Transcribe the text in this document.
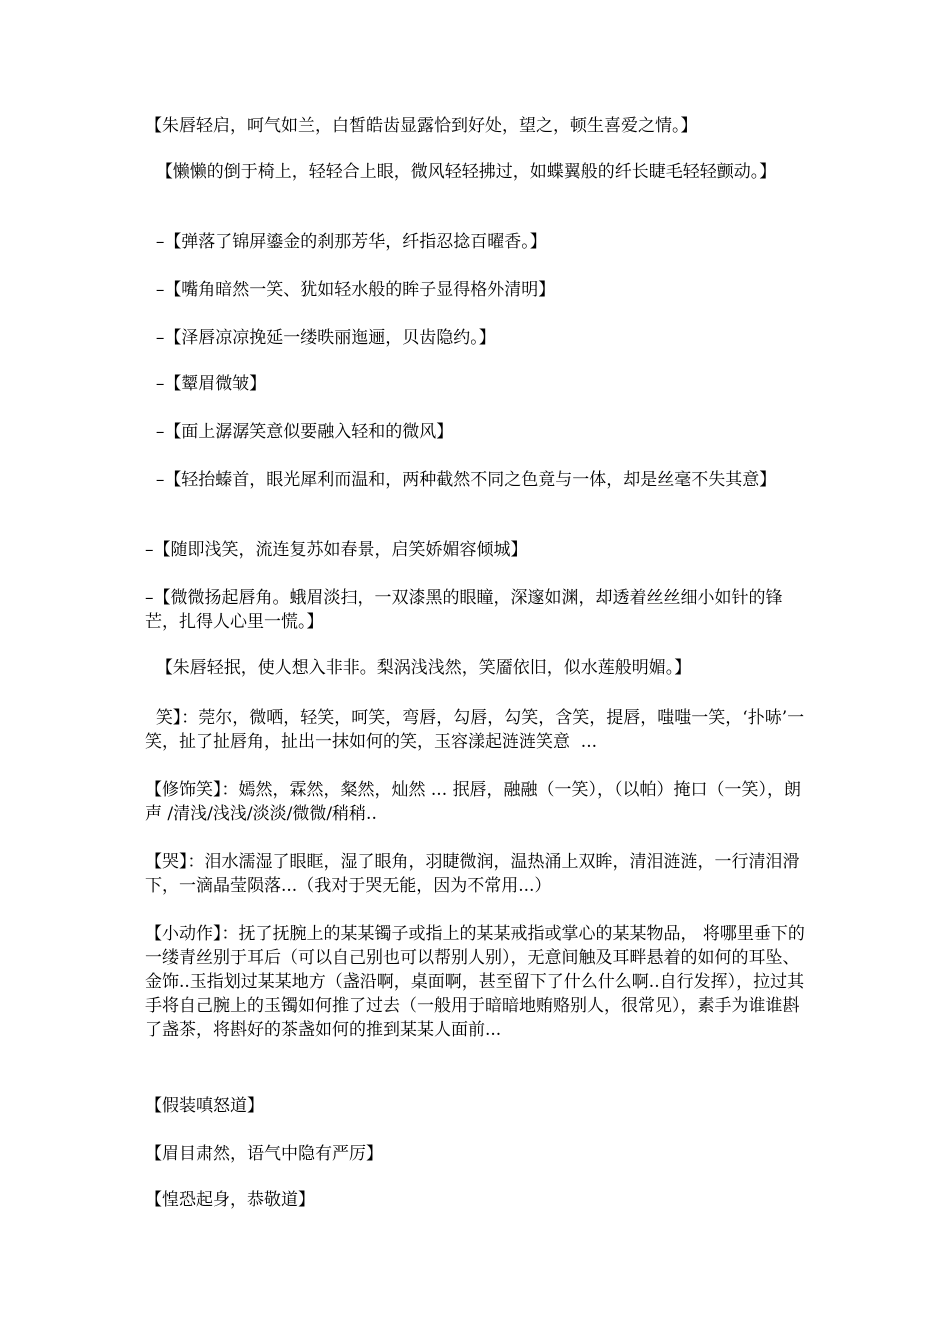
【朱唇轻启，呵气如兰，白皙皓齿显露恰到好处，望之，顿生喜爱之情。】

【懒懒的倒于椅上，轻轻合上眼，微风轻轻拂过，如蝶翼般的纤长睫毛轻轻颤动。】

–【弹落了锦屏鎏金的刹那芳华，纤指忍捻百曜香。】

–【嘴角暗然一笑、犹如轻水般的眸子显得格外清明】

–【泽唇凉凉挽延一缕昳丽迤逦，贝齿隐约。】

–【颦眉微皱】

–【面上潺潺笑意似要融入轻和的微风】

–【轻抬螓首，眼光犀利而温和，两种截然不同之色竟与一体，却是丝毫不失其意】

–【随即浅笑，流连复苏如春景，启笑娇媚容倾城】

–【微微扬起唇角。蛾眉淡扫，一双漆黑的眼瞳，深邃如渊，却透着丝丝细小如针的锋芒，扎得人心里一慌。】

【朱唇轻抿，使人想入非非。梨涡浅浅然，笑靥依旧，似水莲般明媚。】

笑】：莞尔，微哂，轻笑，呵笑，弯唇，勾唇，勾笑，含笑，提唇，嗤嗤一笑，‘扑哧’一笑，扯了扯唇角，扯出一抹如何的笑，玉容漾起涟涟笑意  ...

【修饰笑】：嫣然，霖然，粲然，灿然 ... 抿唇，融融（一笑），（以帕）掩口（一笑），朗声 /清浅/浅浅/淡淡/微微/稍稍..

【哭】：泪水濡湿了眼眶，湿了眼角，羽睫微润，温热涌上双眸，清泪涟涟，一行清泪滑下，一滴晶莹陨落...（我对于哭无能，因为不常用...）

【小动作】：抚了抚腕上的某某镯子或指上的某某戒指或掌心的某某物品， 将哪里垂下的一缕青丝别于耳后（可以自己别也可以帮别人别），无意间触及耳畔悬着的如何的耳坠、金饰..玉指划过某某地方（盏沿啊，桌面啊，甚至留下了什么什么啊..自行发挥），拉过其手将自己腕上的玉镯如何推了过去（一般用于暗暗地贿赂别人，很常见），素手为谁谁斟了盏茶，将斟好的茶盏如何的推到某某人面前...

【假装嗔怒道】

【眉目肃然，语气中隐有严厉】

【惶恐起身，恭敬道】
